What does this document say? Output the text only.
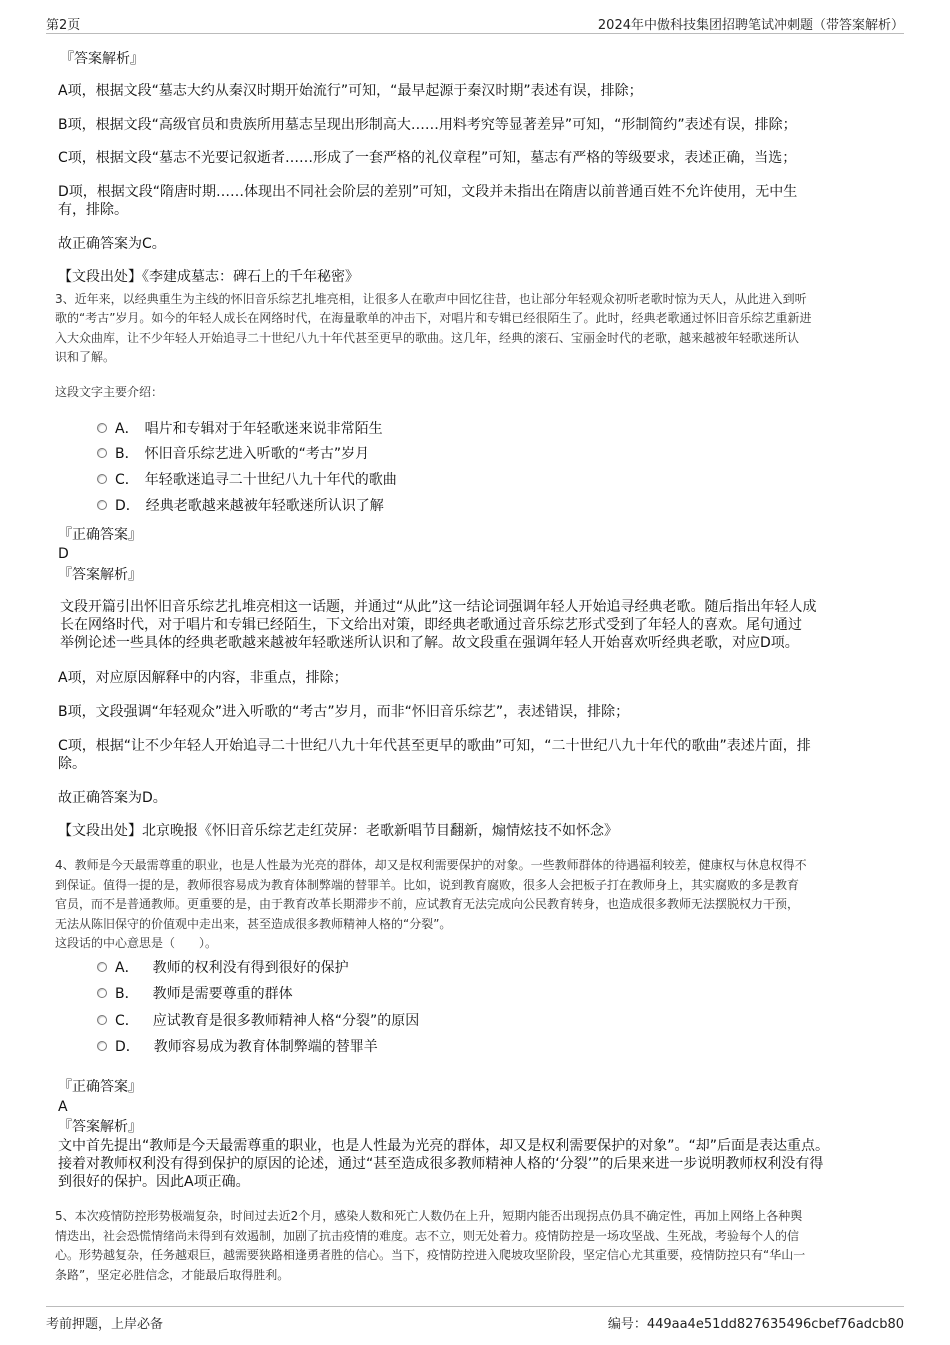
第2页	2024年中傲科技集团招聘笔试冲刺题（带答案解析）
『答案解析』
A项，根据文段“墓志大约从秦汉时期开始流行”可知，“最早起源于秦汉时期”表述有误，排除；
B项，根据文段“高级官员和贵族所用墓志呈现出形制高大……用料考究等显著差异”可知，“形制简约”表述有误，排除；
C项，根据文段“墓志不光要记叙逝者……形成了一套严格的礼仪章程”可知，墓志有严格的等级要求，表述正确，当选；
D项，根据文段“隋唐时期……体现出不同社会阶层的差别”可知，文段并未指出在隋唐以前普通百姓不允许使用，无中生
有，排除。
故正确答案为C。
【文段出处】《李建成墓志：碑石上的千年秘密》
3、近年来，以经典重生为主线的怀旧音乐综艺扎堆亮相，让很多人在歌声中回忆往昔，也让部分年轻观众初听老歌时惊为天人，从此进入到听
歌的“考古”岁月。如今的年轻人成长在网络时代，在海量歌单的冲击下，对唱片和专辑已经很陌生了。此时，经典老歌通过怀旧音乐综艺重新进
入大众曲库，让不少年轻人开始追寻二十世纪八九十年代甚至更早的歌曲。这几年，经典的滚石、宝丽金时代的老歌，越来越被年轻歌迷所认
识和了解。
这段文字主要介绍：
A． 唱片和专辑对于年轻歌迷来说非常陌生
B． 怀旧音乐综艺进入听歌的“考古”岁月
C． 年轻歌迷追寻二十世纪八九十年代的歌曲
D． 经典老歌越来越被年轻歌迷所认识了解
『正确答案』
D
『答案解析』
文段开篇引出怀旧音乐综艺扎堆亮相这一话题，并通过“从此”这一结论词强调年轻人开始追寻经典老歌。随后指出年轻人成
长在网络时代，对于唱片和专辑已经陌生，下文给出对策，即经典老歌通过音乐综艺形式受到了年轻人的喜欢。尾句通过
举例论述一些具体的经典老歌越来越被年轻歌迷所认识和了解。故文段重在强调年轻人开始喜欢听经典老歌，对应D项。
A项，对应原因解释中的内容，非重点，排除；
B项，文段强调“年轻观众”进入听歌的“考古”岁月，而非“怀旧音乐综艺”，表述错误，排除；
C项，根据“让不少年轻人开始追寻二十世纪八九十年代甚至更早的歌曲”可知，“二十世纪八九十年代的歌曲”表述片面，排
除。
故正确答案为D。
【文段出处】北京晚报《怀旧音乐综艺走红荧屏：老歌新唱节目翻新，煽情炫技不如怀念》
4、教师是今天最需尊重的职业，也是人性最为光亮的群体，却又是权利需要保护的对象。一些教师群体的待遇福利较差，健康权与休息权得不
到保证。值得一提的是，教师很容易成为教育体制弊端的替罪羊。比如，说到教育腐败，很多人会把板子打在教师身上，其实腐败的多是教育
官员，而不是普通教师。更重要的是，由于教育改革长期滞步不前，应试教育无法完成向公民教育转身，也造成很多教师无法摆脱权力干预，
无法从陈旧保守的价值观中走出来，甚至造成很多教师精神人格的“分裂”。
这段话的中心意思是（　　）。
A． 教师的权利没有得到很好的保护
B． 教师是需要尊重的群体
C． 应试教育是很多教师精神人格“分裂”的原因
D． 教师容易成为教育体制弊端的替罪羊
『正确答案』
A
『答案解析』
文中首先提出“教师是今天最需尊重的职业，也是人性最为光亮的群体，却又是权利需要保护的对象”。“却”后面是表达重点。
接着对教师权利没有得到保护的原因的论述，通过“甚至造成很多教师精神人格的‘分裂’”的后果来进一步说明教师权利没有得
到很好的保护。因此A项正确。
5、本次疫情防控形势极端复杂，时间过去近2个月，感染人数和死亡人数仍在上升，短期内能否出现拐点仍具不确定性，再加上网络上各种舆
情迭出，社会恐慌情绪尚未得到有效遏制，加剧了抗击疫情的难度。志不立，则无处着力。疫情防控是一场攻坚战、生死战，考验每个人的信
心。形势越复杂，任务越艰巨，越需要狭路相逢勇者胜的信心。当下，疫情防控进入爬坡攻坚阶段，坚定信心尤其重要，疫情防控只有“华山一
条路”，坚定必胜信念，才能最后取得胜利。
考前押题，上岸必备	编号：449aa4e51dd827635496cbef76adcb80
